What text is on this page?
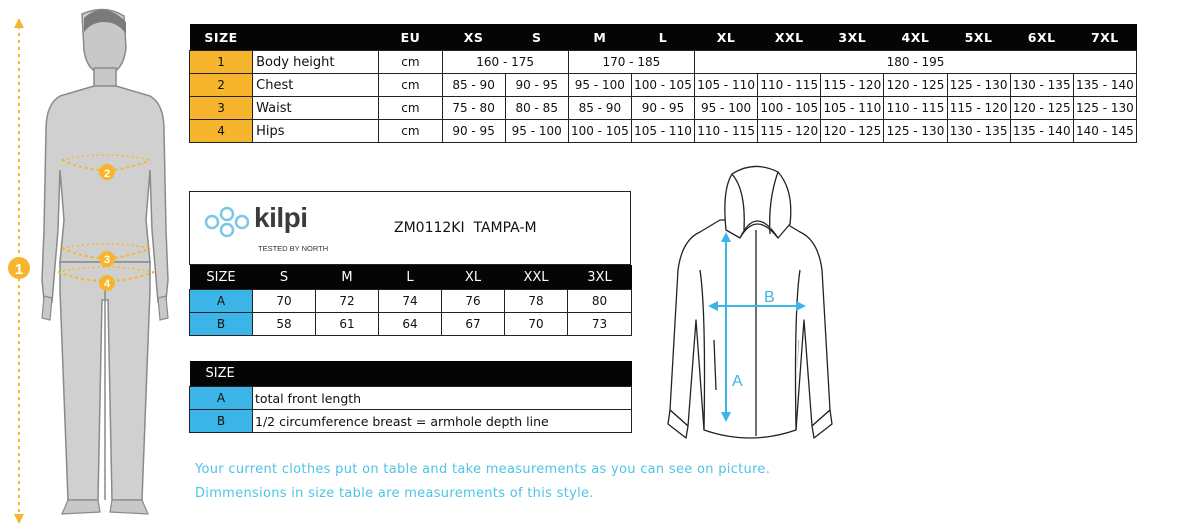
1
2
3
4
SIZE		EU	XS	S	M	L	XL	XXL	3XL	4XL	5XL	6XL	7XL
1	Body height	cm	160 - 175		170 - 185		180 - 195						
2	Chest	cm	85 - 90	90 - 95	95 - 100	100 - 105	105 - 110	110 - 115	115 - 120	120 - 125	125 - 130	130 - 135	135 - 140
3	Waist	cm	75 - 80	80 - 85	85 - 90	90 - 95	95 - 100	100 - 105	105 - 110	110 - 115	115 - 120	120 - 125	125 - 130
4	Hips	cm	90 - 95	95 - 100	100 - 105	105 - 110	110 - 115	115 - 120	120 - 125	125 - 130	130 - 135	135 - 140	140 - 145
kilpi
TESTED BY NORTH
ZM0112KI  TAMPA-M
SIZE	S	M	L	XL	XXL	3XL
A	70	72	74	76	78	80
B	58	61	64	67	70	73
SIZE	
A	total front length
B	1/2 circumference breast = armhole depth line
A
B
Your current clothes put on table and take measurements as you can see on picture.
Dimmensions in size table are measurements of this style.
